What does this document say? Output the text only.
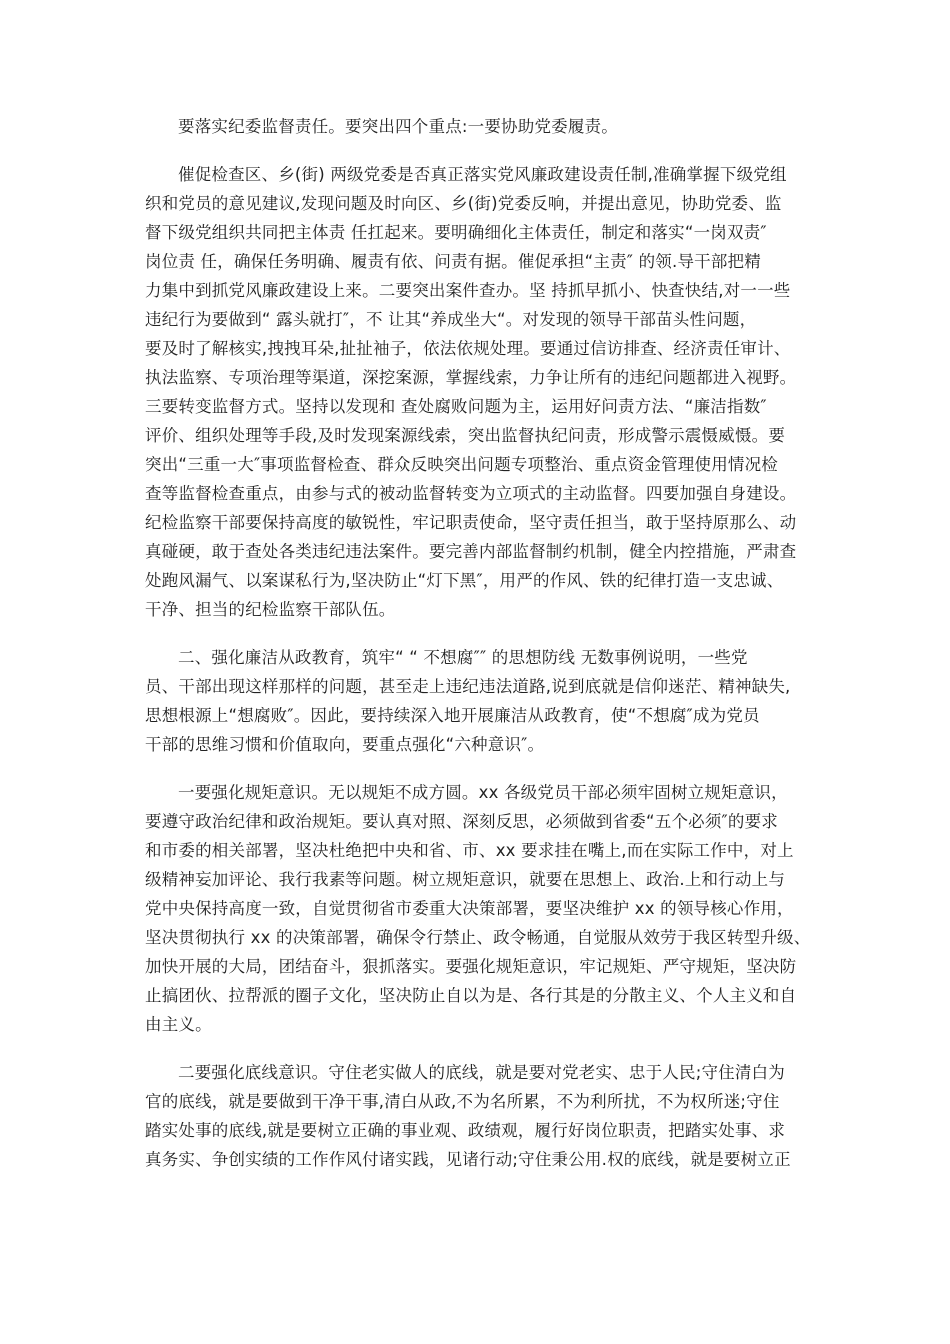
要落实纪委监督责任。要突出四个重点:一要协助党委履责。
催促检查区、乡(街) 两级党委是否真正落实党风廉政建设责任制,准确掌握下级党组
织和党员的意见建议,发现问题及时向区、乡(街)党委反响，并提出意见，协助党委、监
督下级党组织共同把主体责 任扛起来。要明确细化主体责任，制定和落实“一岗双责″
岗位责 任，确保任务明确、履责有依、问责有据。催促承担“主责″ 的领.导干部把精
力集中到抓党风廉政建设上来。二要突出案件查办。坚 持抓早抓小、快查快结,对一一些
违纪行为要做到“ 露头就打″，不 让其“养成坐大“。对发现的领导干部苗头性问题，
要及时了解核实,拽拽耳朵,扯扯袖子，依法依规处理。要通过信访排查、经济责任审计、
执法监察、专项治理等渠道，深挖案源，掌握线索，力争让所有的违纪问题都进入视野。
三要转变监督方式。坚持以发现和 查处腐败问题为主，运用好问责方法、“廉洁指数″
评价、组织处理等手段,及时发现案源线索，突出监督执纪问责，形成警示震慑威慑。要
突出“三重一大″事项监督检查、群众反映突出问题专项整治、重点资金管理使用情况检
查等监督检查重点，由参与式的被动监督转变为立项式的主动监督。四要加强自身建设。
纪检监察干部要保持高度的敏锐性，牢记职责使命，坚守责任担当，敢于坚持原那么、动
真碰硬，敢于查处各类违纪违法案件。要完善内部监督制约机制，健全内控措施，严肃查
处跑风漏气、以案谋私行为,坚决防止“灯下黑″，用严的作风、铁的纪律打造一支忠诚、
干净、担当的纪检监察干部队伍。
二、强化廉洁从政教育，筑牢“ “ 不想腐″″ 的思想防线 无数事例说明，一些党
员、干部出现这样那样的问题，甚至走上违纪违法道路,说到底就是信仰迷茫、精神缺失,
思想根源上“想腐败″。因此，要持续深入地开展廉洁从政教育，使“不想腐″成为党员
干部的思维习惯和价值取向，要重点强化“六种意识″。
一要强化规矩意识。无以规矩不成方圆。xx 各级党员干部必须牢固树立规矩意识，
要遵守政治纪律和政治规矩。要认真对照、深刻反思，必须做到省委“五个必须″的要求
和市委的相关部署，坚决杜绝把中央和省、市、xx 要求挂在嘴上,而在实际工作中，对上
级精神妄加评论、我行我素等问题。树立规矩意识，就要在思想上、政治.上和行动上与
党中央保持高度一致，自觉贯彻省市委重大决策部署，要坚决维护 xx 的领导核心作用，
坚决贯彻执行 xx 的决策部署，确保令行禁止、政令畅通，自觉服从效劳于我区转型升级、
加快开展的大局，团结奋斗，狠抓落实。要强化规矩意识，牢记规矩、严守规矩，坚决防
止搞团伙、拉帮派的圈子文化，坚决防止自以为是、各行其是的分散主义、个人主义和自
由主义。
二要强化底线意识。守住老实做人的底线，就是要对党老实、忠于人民;守住清白为
官的底线，就是要做到干净干事,清白从政,不为名所累，不为利所扰，不为权所迷;守住
踏实处事的底线,就是要树立正确的事业观、政绩观，履行好岗位职责，把踏实处事、求
真务实、争创实绩的工作作风付诸实践，见诸行动;守住秉公用.权的底线，就是要树立正
